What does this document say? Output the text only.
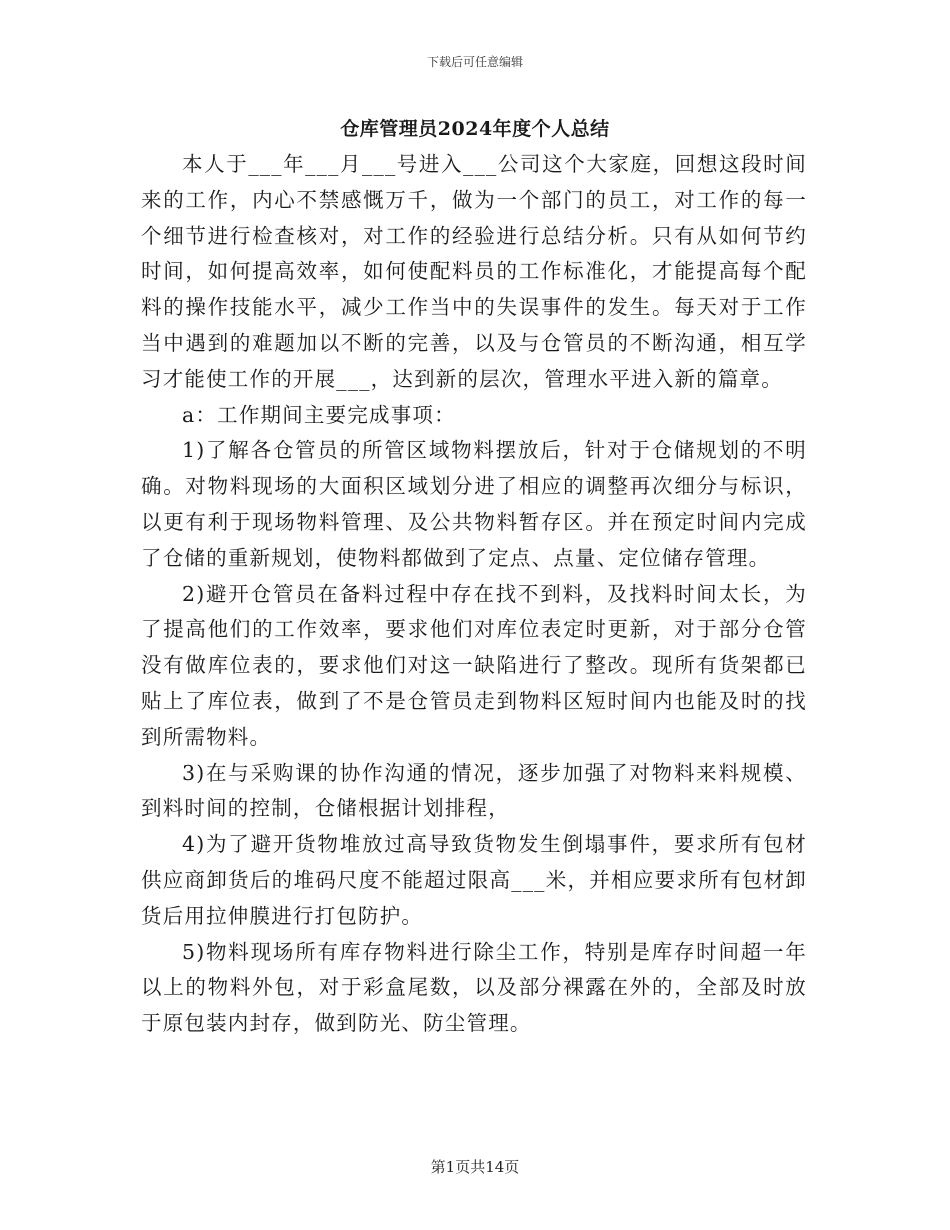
下载后可任意编辑
仓库管理员2024年度个人总结

本人于___年___月___号进入___公司这个大家庭，回想这段时间来的工作，内心不禁感慨万千，做为一个部门的员工，对工作的每一个细节进行检查核对，对工作的经验进行总结分析。只有从如何节约时间，如何提高效率，如何使配料员的工作标准化，才能提高每个配料的操作技能水平，减少工作当中的失误事件的发生。每天对于工作当中遇到的难题加以不断的完善，以及与仓管员的不断沟通，相互学习才能使工作的开展___，达到新的层次，管理水平进入新的篇章。

a：工作期间主要完成事项：

1)了解各仓管员的所管区域物料摆放后，针对于仓储规划的不明确。对物料现场的大面积区域划分进了相应的调整再次细分与标识，以更有利于现场物料管理、及公共物料暂存区。并在预定时间内完成了仓储的重新规划，使物料都做到了定点、点量、定位储存管理。

2)避开仓管员在备料过程中存在找不到料，及找料时间太长，为了提高他们的工作效率，要求他们对库位表定时更新，对于部分仓管没有做库位表的，要求他们对这一缺陷进行了整改。现所有货架都已贴上了库位表，做到了不是仓管员走到物料区短时间内也能及时的找到所需物料。

3)在与采购课的协作沟通的情况，逐步加强了对物料来料规模、到料时间的控制，仓储根据计划排程，

4)为了避开货物堆放过高导致货物发生倒塌事件，要求所有包材供应商卸货后的堆码尺度不能超过限高___米，并相应要求所有包材卸货后用拉伸膜进行打包防护。

5)物料现场所有库存物料进行除尘工作，特别是库存时间超一年以上的物料外包，对于彩盒尾数，以及部分裸露在外的，全部及时放于原包装内封存，做到防光、防尘管理。

第1页共14页
